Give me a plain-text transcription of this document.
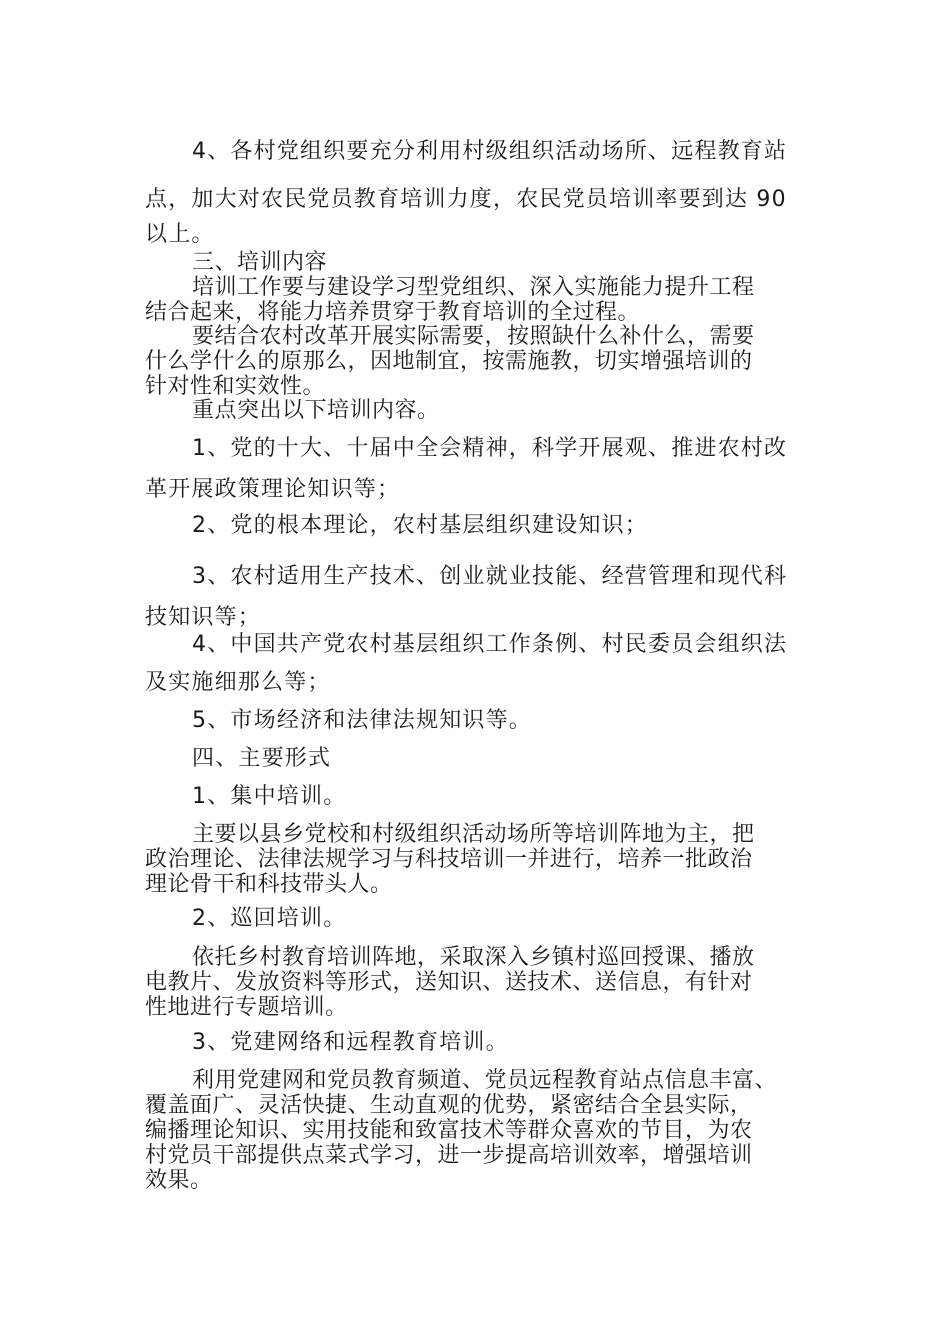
4、各村党组织要充分利用村级组织活动场所、远程教育站
点，加大对农民党员教育培训力度，农民党员培训率要到达 90
以上。
三、培训内容
培训工作要与建设学习型党组织、深入实施能力提升工程
结合起来，将能力培养贯穿于教育培训的全过程。
要结合农村改革开展实际需要，按照缺什么补什么，需要
什么学什么的原那么，因地制宜，按需施教，切实增强培训的
针对性和实效性。
重点突出以下培训内容。
1、党的十大、十届中全会精神，科学开展观、推进农村改
革开展政策理论知识等；
2、党的根本理论，农村基层组织建设知识；
3、农村适用生产技术、创业就业技能、经营管理和现代科
技知识等；
4、中国共产党农村基层组织工作条例、村民委员会组织法
及实施细那么等；
5、市场经济和法律法规知识等。
四、主要形式
1、集中培训。
主要以县乡党校和村级组织活动场所等培训阵地为主，把
政治理论、法律法规学习与科技培训一并进行，培养一批政治
理论骨干和科技带头人。
2、巡回培训。
依托乡村教育培训阵地，采取深入乡镇村巡回授课、播放
电教片、发放资料等形式，送知识、送技术、送信息，有针对
性地进行专题培训。
3、党建网络和远程教育培训。
利用党建网和党员教育频道、党员远程教育站点信息丰富、
覆盖面广、灵活快捷、生动直观的优势，紧密结合全县实际，
编播理论知识、实用技能和致富技术等群众喜欢的节目，为农
村党员干部提供点菜式学习，进一步提高培训效率，增强培训
效果。
